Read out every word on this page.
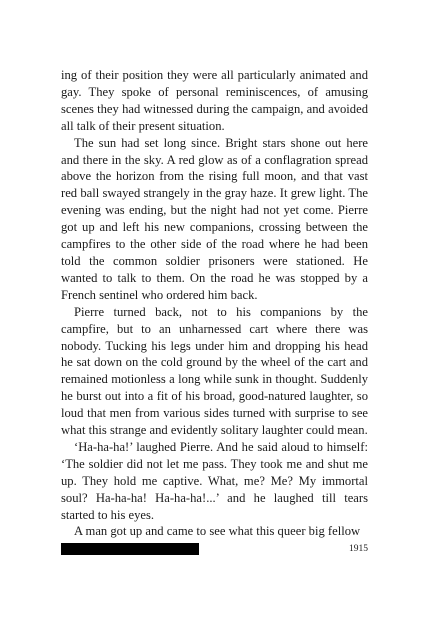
ing of their position they were all particularly animated and gay. They spoke of personal reminiscences, of amusing scenes they had witnessed during the campaign, and avoided all talk of their present situation.

The sun had set long since. Bright stars shone out here and there in the sky. A red glow as of a conflagration spread above the horizon from the rising full moon, and that vast red ball swayed strangely in the gray haze. It grew light. The evening was ending, but the night had not yet come. Pierre got up and left his new companions, crossing between the campfires to the other side of the road where he had been told the common soldier prisoners were stationed. He wanted to talk to them. On the road he was stopped by a French sentinel who ordered him back.

Pierre turned back, not to his companions by the campfire, but to an unharnessed cart where there was nobody. Tucking his legs under him and dropping his head he sat down on the cold ground by the wheel of the cart and remained motionless a long while sunk in thought. Suddenly he burst out into a fit of his broad, good-natured laughter, so loud that men from various sides turned with surprise to see what this strange and evidently solitary laughter could mean.

‘Ha-ha-ha!’ laughed Pierre. And he said aloud to himself: ‘The soldier did not let me pass. They took me and shut me up. They hold me captive. What, me? Me? My immortal soul? Ha-ha-ha! Ha-ha-ha!...’ and he laughed till tears started to his eyes.

A man got up and came to see what this queer big fellow

1915
